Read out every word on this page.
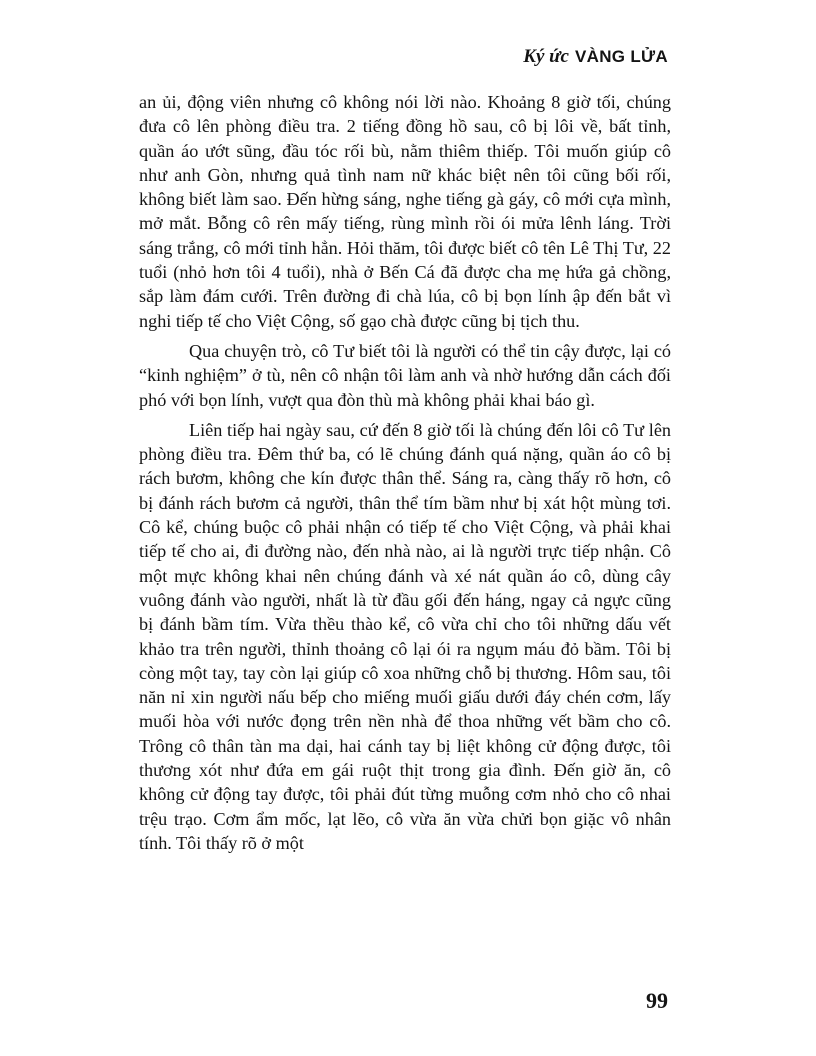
Ký ức VÀNG LỬA

an ủi, động viên nhưng cô không nói lời nào. Khoảng 8 giờ tối, chúng đưa cô lên phòng điều tra. 2 tiếng đồng hồ sau, cô bị lôi về, bất tỉnh, quần áo ướt sũng, đầu tóc rối bù, nằm thiêm thiếp. Tôi muốn giúp cô như anh Gòn, nhưng quả tình nam nữ khác biệt nên tôi cũng bối rối, không biết làm sao. Đến hừng sáng, nghe tiếng gà gáy, cô mới cựa mình, mở mắt. Bỗng cô rên mấy tiếng, rùng mình rồi ói mửa lênh láng. Trời sáng trắng, cô mới tỉnh hẳn. Hỏi thăm, tôi được biết cô tên Lê Thị Tư, 22 tuổi (nhỏ hơn tôi 4 tuổi), nhà ở Bến Cá đã được cha mẹ hứa gả chồng, sắp làm đám cưới. Trên đường đi chà lúa, cô bị bọn lính ập đến bắt vì nghi tiếp tế cho Việt Cộng, số gạo chà được cũng bị tịch thu.

Qua chuyện trò, cô Tư biết tôi là người có thể tin cậy được, lại có “kinh nghiệm” ở tù, nên cô nhận tôi làm anh và nhờ hướng dẫn cách đối phó với bọn lính, vượt qua đòn thù mà không phải khai báo gì.

Liên tiếp hai ngày sau, cứ đến 8 giờ tối là chúng đến lôi cô Tư lên phòng điều tra. Đêm thứ ba, có lẽ chúng đánh quá nặng, quần áo cô bị rách bươm, không che kín được thân thể. Sáng ra, càng thấy rõ hơn, cô bị đánh rách bươm cả người, thân thể tím bầm như bị xát hột mùng tơi. Cô kể, chúng buộc cô phải nhận có tiếp tế cho Việt Cộng, và phải khai tiếp tế cho ai, đi đường nào, đến nhà nào, ai là người trực tiếp nhận. Cô một mực không khai nên chúng đánh và xé nát quần áo cô, dùng cây vuông đánh vào người, nhất là từ đầu gối đến háng, ngay cả ngực cũng bị đánh bầm tím. Vừa thều thào kể, cô vừa chỉ cho tôi những dấu vết khảo tra trên người, thỉnh thoảng cô lại ói ra ngụm máu đỏ bầm. Tôi bị còng một tay, tay còn lại giúp cô xoa những chỗ bị thương. Hôm sau, tôi năn nỉ xin người nấu bếp cho miếng muối giấu dưới đáy chén cơm, lấy muối hòa với nước đọng trên nền nhà để thoa những vết bầm cho cô. Trông cô thân tàn ma dại, hai cánh tay bị liệt không cử động được, tôi thương xót như đứa em gái ruột thịt trong gia đình. Đến giờ ăn, cô không cử động tay được, tôi phải đút từng muỗng cơm nhỏ cho cô nhai trệu trạo. Cơm ẩm mốc, lạt lẽo, cô vừa ăn vừa chửi bọn giặc vô nhân tính. Tôi thấy rõ ở một

99
